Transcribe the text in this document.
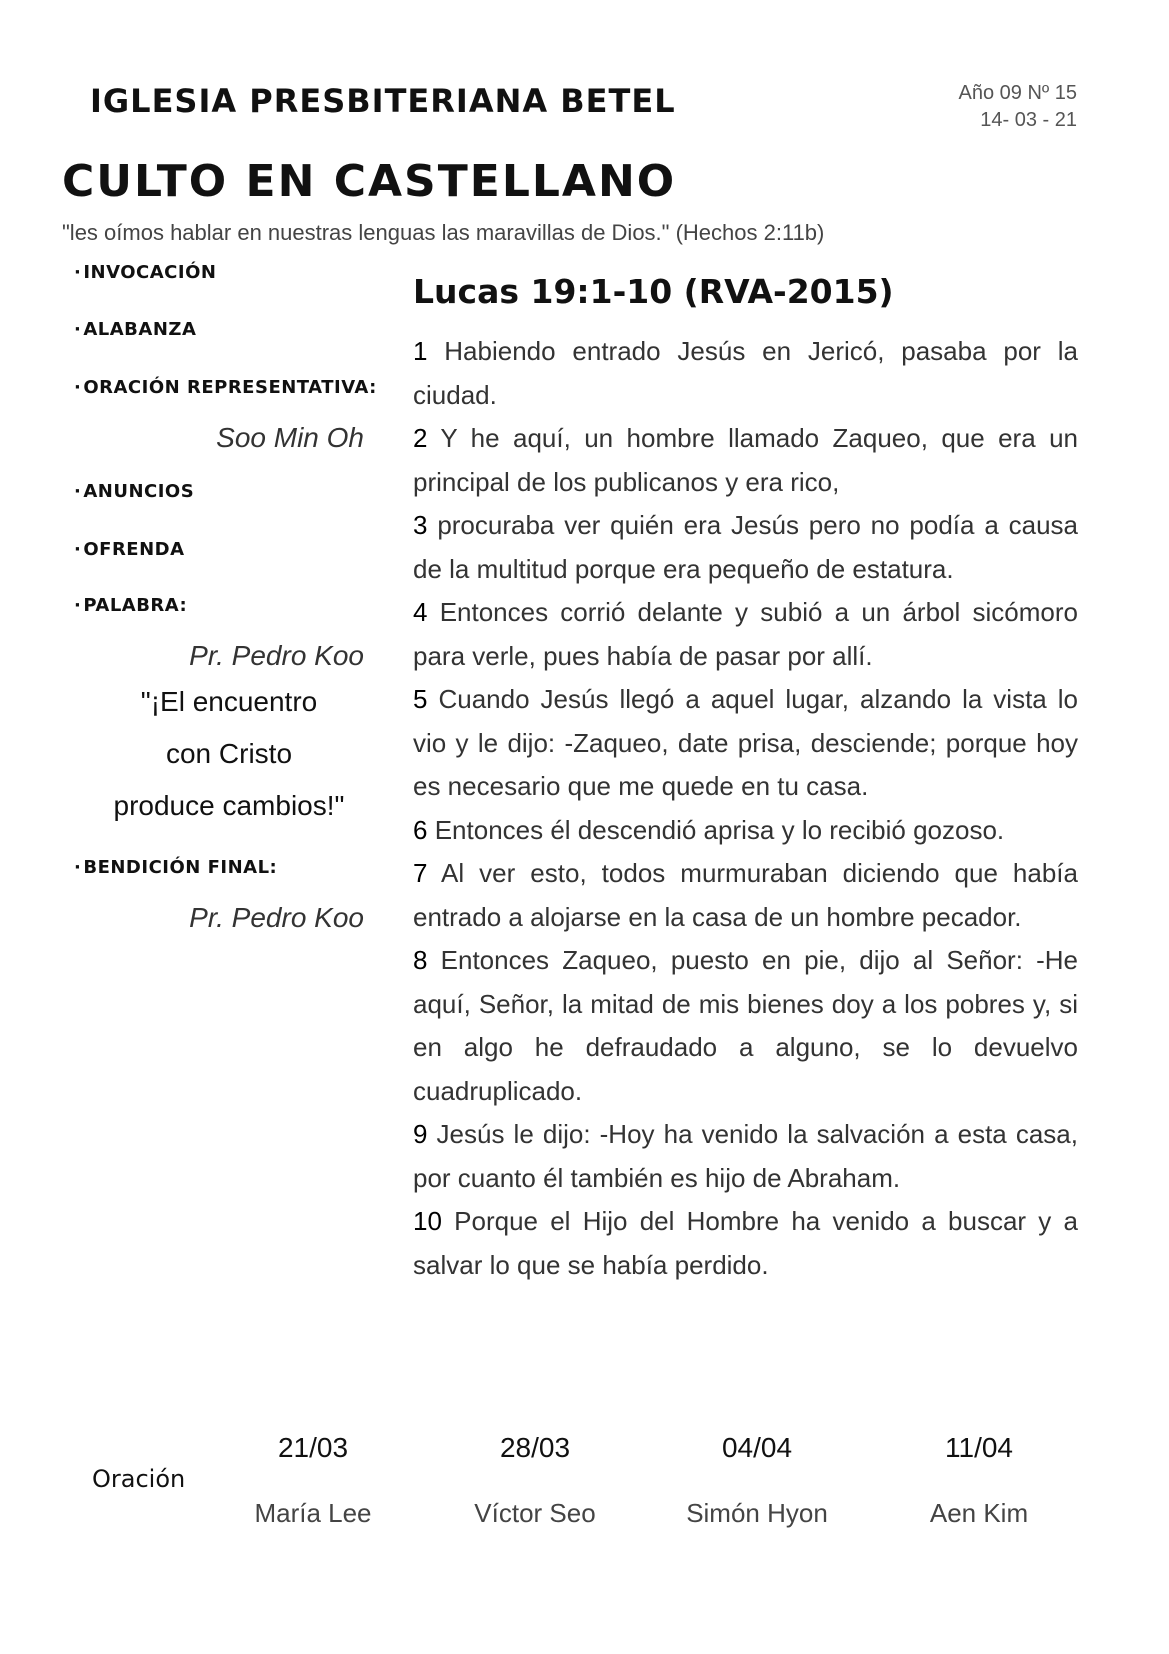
IGLESIA PRESBITERIANA BETEL	Año 09 Nº 15
14- 03 - 21
CULTO EN CASTELLANO
"les oímos hablar en nuestras lenguas las maravillas de Dios." (Hechos 2:11b)
· INVOCACIÓN
· ALABANZA
· ORACIÓN REPRESENTATIVA:
Soo Min Oh
· ANUNCIOS
· OFRENDA
· PALABRA:
Pr. Pedro Koo
"¡El encuentro
con Cristo
produce cambios!"
· BENDICIÓN FINAL:
Pr. Pedro Koo
Lucas 19:1-10 (RVA-2015)
1 Habiendo entrado Jesús en Jericó, pasaba por la ciudad.
2 Y he aquí, un hombre llamado Zaqueo, que era un principal de los publicanos y era rico,
3 procuraba ver quién era Jesús pero no podía a causa de la multitud porque era pequeño de estatura.
4 Entonces corrió delante y subió a un árbol sicómoro para verle, pues había de pasar por allí.
5 Cuando Jesús llegó a aquel lugar, alzando la vista lo vio y le dijo: -Zaqueo, date prisa, desciende; porque hoy es necesario que me quede en tu casa.
6 Entonces él descendió aprisa y lo recibió gozoso.
7 Al ver esto, todos murmuraban diciendo que había entrado a alojarse en la casa de un hombre pecador.
8 Entonces Zaqueo, puesto en pie, dijo al Señor: -He aquí, Señor, la mitad de mis bienes doy a los pobres y, si en algo he defraudado a alguno, se lo devuelvo cuadruplicado.
9 Jesús le dijo: -Hoy ha venido la salvación a esta casa, por cuanto él también es hijo de Abraham.
10 Porque el Hijo del Hombre ha venido a buscar y a salvar lo que se había perdido.
Oración
21/03	28/03	04/04	11/04
María Lee	Víctor Seo	Simón Hyon	Aen Kim
